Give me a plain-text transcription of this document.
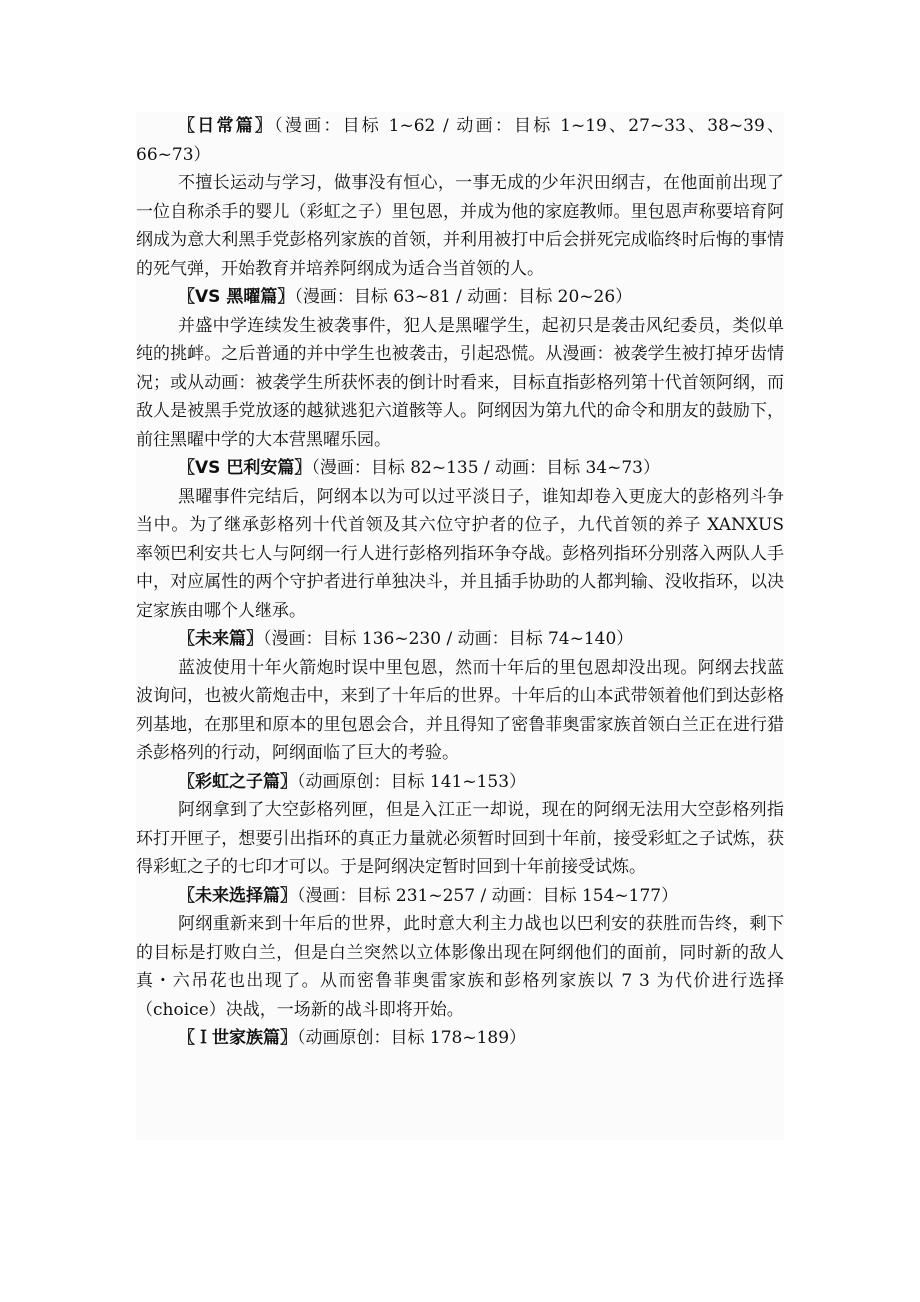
〖日常篇〗（漫画：目标 1~62 / 动画：目标 1~19、27~33、38~39、66~73）

不擅长运动与学习，做事没有恒心，一事无成的少年沢田纲吉，在他面前出现了一位自称杀手的婴儿（彩虹之子）里包恩，并成为他的家庭教师。里包恩声称要培育阿纲成为意大利黑手党彭格列家族的首领，并利用被打中后会拼死完成临终时后悔的事情的死气弹，开始教育并培养阿纲成为适合当首领的人。

〖VS 黑曜篇〗（漫画：目标 63~81 / 动画：目标 20~26）

并盛中学连续发生被袭事件，犯人是黑曜学生，起初只是袭击风纪委员，类似单纯的挑衅。之后普通的并中学生也被袭击，引起恐慌。从漫画：被袭学生被打掉牙齿情况；或从动画：被袭学生所获怀表的倒计时看来，目标直指彭格列第十代首领阿纲，而敌人是被黑手党放逐的越狱逃犯六道骸等人。阿纲因为第九代的命令和朋友的鼓励下，前往黑曜中学的大本营黑曜乐园。

〖VS 巴利安篇〗（漫画：目标 82~135 / 动画：目标 34~73）

黑曜事件完结后，阿纲本以为可以过平淡日子，谁知却卷入更庞大的彭格列斗争当中。为了继承彭格列十代首领及其六位守护者的位子，九代首领的养子 XANXUS 率领巴利安共七人与阿纲一行人进行彭格列指环争夺战。彭格列指环分别落入两队人手中，对应属性的两个守护者进行单独决斗，并且插手协助的人都判输、没收指环，以决定家族由哪个人继承。

〖未来篇〗（漫画：目标 136~230 / 动画：目标 74~140）

蓝波使用十年火箭炮时误中里包恩，然而十年后的里包恩却没出现。阿纲去找蓝波询问，也被火箭炮击中，来到了十年后的世界。十年后的山本武带领着他们到达彭格列基地，在那里和原本的里包恩会合，并且得知了密鲁菲奥雷家族首领白兰正在进行猎杀彭格列的行动，阿纲面临了巨大的考验。

〖彩虹之子篇〗（动画原创：目标 141~153）

阿纲拿到了大空彭格列匣，但是入江正一却说，现在的阿纲无法用大空彭格列指环打开匣子，想要引出指环的真正力量就必须暂时回到十年前，接受彩虹之子试炼，获得彩虹之子的七印才可以。于是阿纲决定暂时回到十年前接受试炼。

〖未来选择篇〗（漫画：目标 231~257 / 动画：目标 154~177）

阿纲重新来到十年后的世界，此时意大利主力战也以巴利安的获胜而告终，剩下的目标是打败白兰，但是白兰突然以立体影像出现在阿纲他们的面前，同时新的敌人真・六吊花也出现了。从而密鲁菲奥雷家族和彭格列家族以 7 3 为代价进行选择（choice）决战，一场新的战斗即将开始。

〖Ｉ世家族篇〗（动画原创：目标 178~189）
